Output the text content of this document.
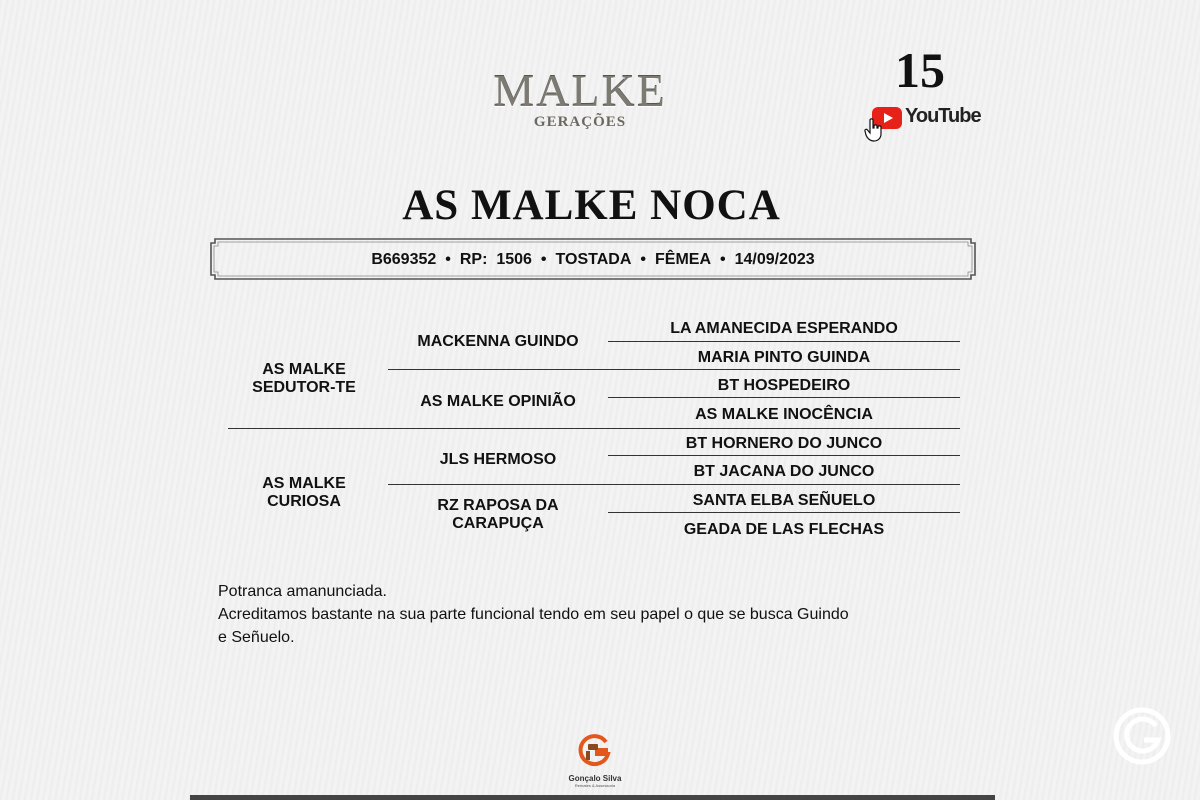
MALKE
GERAÇÕES
15
YouTube
AS MALKE NOCA
B669352 • RP: 1506 • TOSTADA • FÊMEA • 14/09/2023
AS MALKE
SEDUTOR-TE
AS MALKE
CURIOSA
MACKENNA GUINDO
AS MALKE OPINIÃO
JLS HERMOSO
RZ RAPOSA DA
CARAPUÇA
LA AMANECIDA ESPERANDO
MARIA PINTO GUINDA
BT HOSPEDEIRO
AS MALKE INOCÊNCIA
BT HORNERO DO JUNCO
BT JACANA DO JUNCO
SANTA ELBA SEÑUELO
GEADA DE LAS FLECHAS

Potranca amanunciada.

Acreditamos bastante na sua parte funcional tendo em seu papel o que se busca Guindo

e Señuelo.

Gonçalo Silva
Remates & Assessoria
